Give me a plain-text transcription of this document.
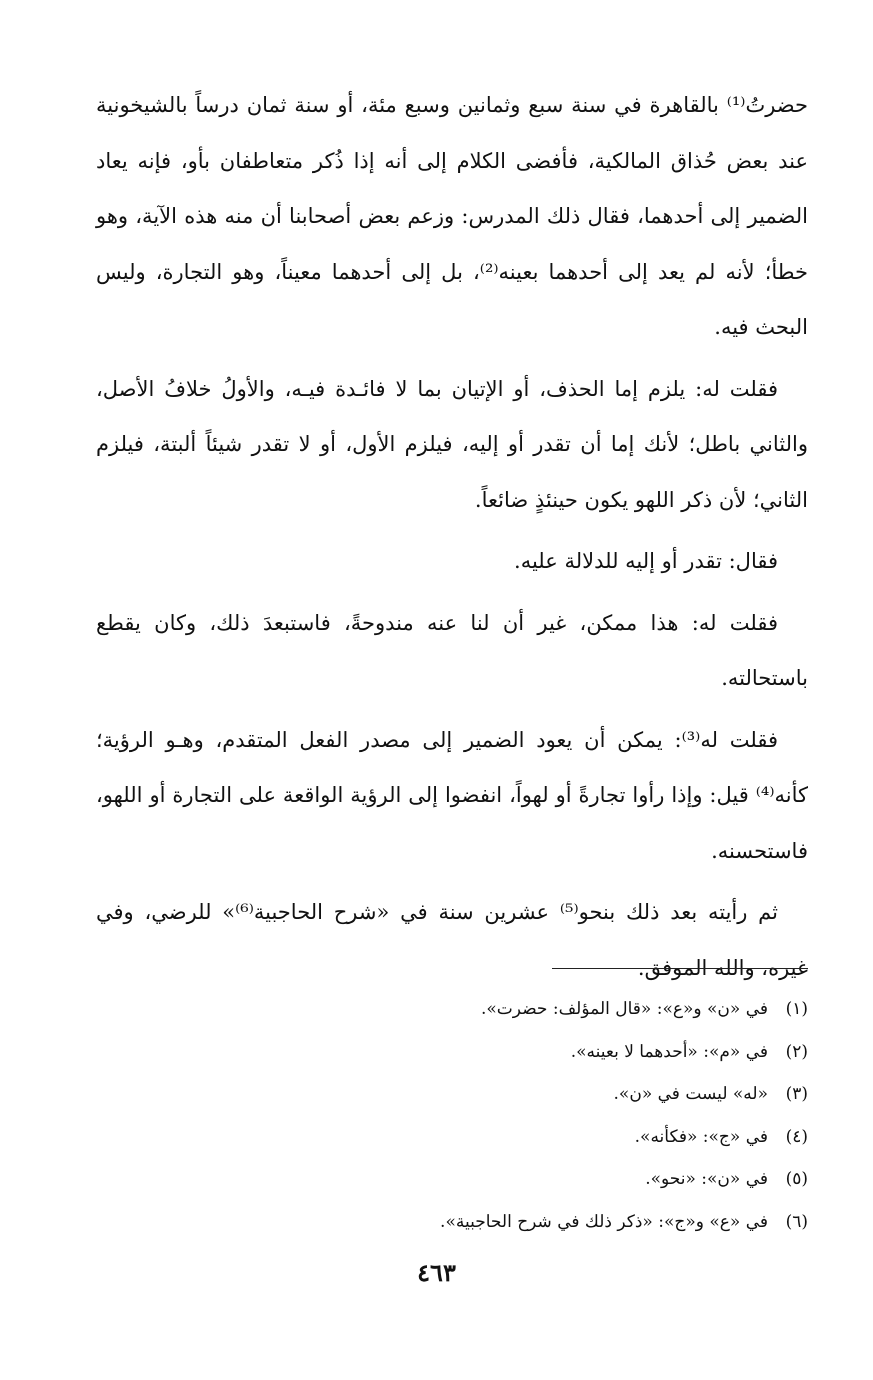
حضرتُ⁽¹⁾ بالقاهرة في سنة سبع وثمانين وسبع مئة، أو سنة ثمان درساً بالشيخونية عند بعض حُذاق المالكية، فأفضى الكلام إلى أنه إذا ذُكر متعاطفان بأو، فإنه يعاد الضمير إلى أحدهما، فقال ذلك المدرس: وزعم بعض أصحابنا أن منه هذه الآية، وهو خطأ؛ لأنه لم يعد إلى أحدهما بعينه⁽²⁾، بل إلى أحدهما معيناً، وهو التجارة، وليس البحث فيه.

فقلت له: يلزم إما الحذف، أو الإتيان بما لا فائـدة فيـه، والأولُ خلافُ الأصل، والثاني باطل؛ لأنك إما أن تقدر أو إليه، فيلزم الأول، أو لا تقدر شيئاً ألبتة، فيلزم الثاني؛ لأن ذكر اللهو يكون حينئذٍ ضائعاً.

فقال: تقدر أو إليه للدلالة عليه.

فقلت له: هذا ممكن، غير أن لنا عنه مندوحةً، فاستبعدَ ذلك، وكان يقطع باستحالته.

فقلت له⁽³⁾: يمكن أن يعود الضمير إلى مصدر الفعل المتقدم، وهـو الرؤية؛ كأنه⁽⁴⁾ قيل: وإذا رأوا تجارةً أو لهواً، انفضوا إلى الرؤية الواقعة على التجارة أو اللهو، فاستحسنه.

ثم رأيته بعد ذلك بنحو⁽⁵⁾ عشرين سنة في «شرح الحاجبية⁽⁶⁾» للرضي، وفي غيره، والله الموفق.

(١)في «ن» و«ع»: «قال المؤلف: حضرت».
(٢)في «م»: «أحدهما لا بعينه».
(٣)«له» ليست في «ن».
(٤)في «ج»: «فكأنه».
(٥)في «ن»: «نحو».
(٦)في «ع» و«ج»: «ذكر ذلك في شرح الحاجبية».
٤٦٣
